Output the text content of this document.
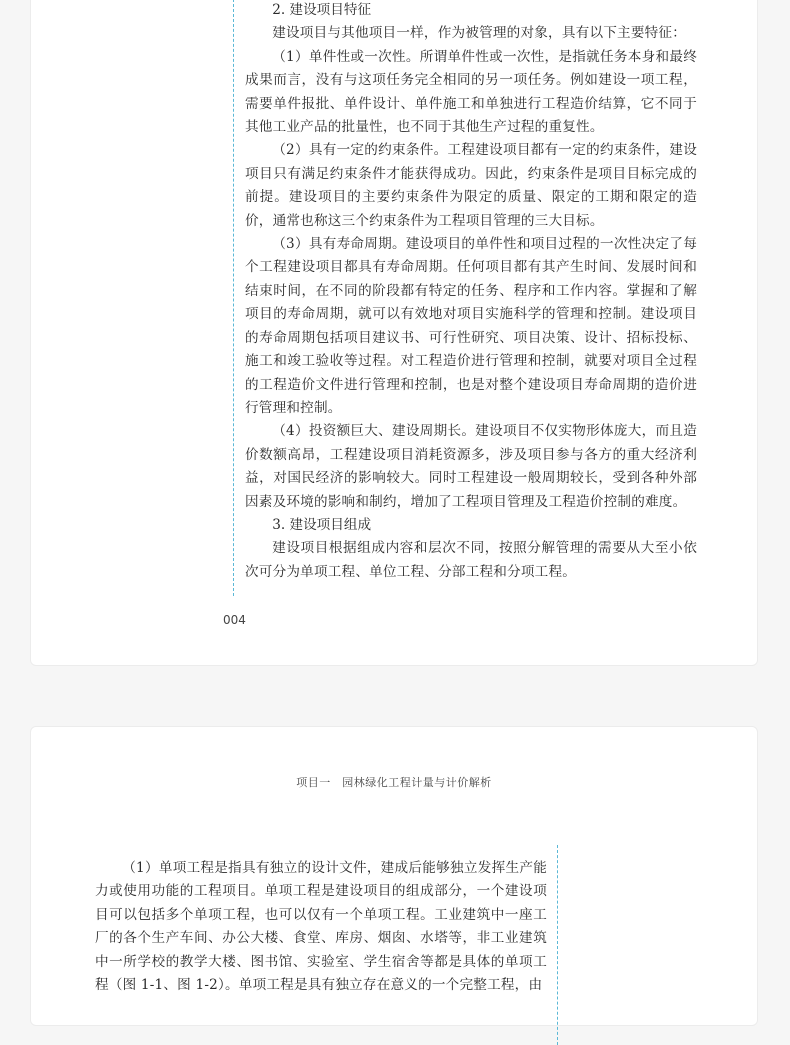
2. 建设项目特征

建设项目与其他项目一样，作为被管理的对象，具有以下主要特征：

（1）单件性或一次性。所谓单件性或一次性，是指就任务本身和最终成果而言，没有与这项任务完全相同的另一项任务。例如建设一项工程，需要单件报批、单件设计、单件施工和单独进行工程造价结算，它不同于其他工业产品的批量性，也不同于其他生产过程的重复性。

（2）具有一定的约束条件。工程建设项目都有一定的约束条件，建设项目只有满足约束条件才能获得成功。因此，约束条件是项目目标完成的前提。建设项目的主要约束条件为限定的质量、限定的工期和限定的造价，通常也称这三个约束条件为工程项目管理的三大目标。

（3）具有寿命周期。建设项目的单件性和项目过程的一次性决定了每个工程建设项目都具有寿命周期。任何项目都有其产生时间、发展时间和结束时间，在不同的阶段都有特定的任务、程序和工作内容。掌握和了解项目的寿命周期，就可以有效地对项目实施科学的管理和控制。建设项目的寿命周期包括项目建议书、可行性研究、项目决策、设计、招标投标、施工和竣工验收等过程。对工程造价进行管理和控制，就要对项目全过程的工程造价文件进行管理和控制，也是对整个建设项目寿命周期的造价进行管理和控制。

（4）投资额巨大、建设周期长。建设项目不仅实物形体庞大，而且造价数额高昂，工程建设项目消耗资源多，涉及项目参与各方的重大经济利益，对国民经济的影响较大。同时工程建设一般周期较长，受到各种外部因素及环境的影响和制约，增加了工程项目管理及工程造价控制的难度。

3. 建设项目组成

建设项目根据组成内容和层次不同，按照分解管理的需要从大至小依次可分为单项工程、单位工程、分部工程和分项工程。

004
项目一　园林绿化工程计量与计价解析

（1）单项工程是指具有独立的设计文件，建成后能够独立发挥生产能力或使用功能的工程项目。单项工程是建设项目的组成部分，一个建设项目可以包括多个单项工程，也可以仅有一个单项工程。工业建筑中一座工厂的各个生产车间、办公大楼、食堂、库房、烟囱、水塔等，非工业建筑中一所学校的教学大楼、图书馆、实验室、学生宿舍等都是具体的单项工程（图 1-1、图 1-2）。单项工程是具有独立存在意义的一个完整工程，由
